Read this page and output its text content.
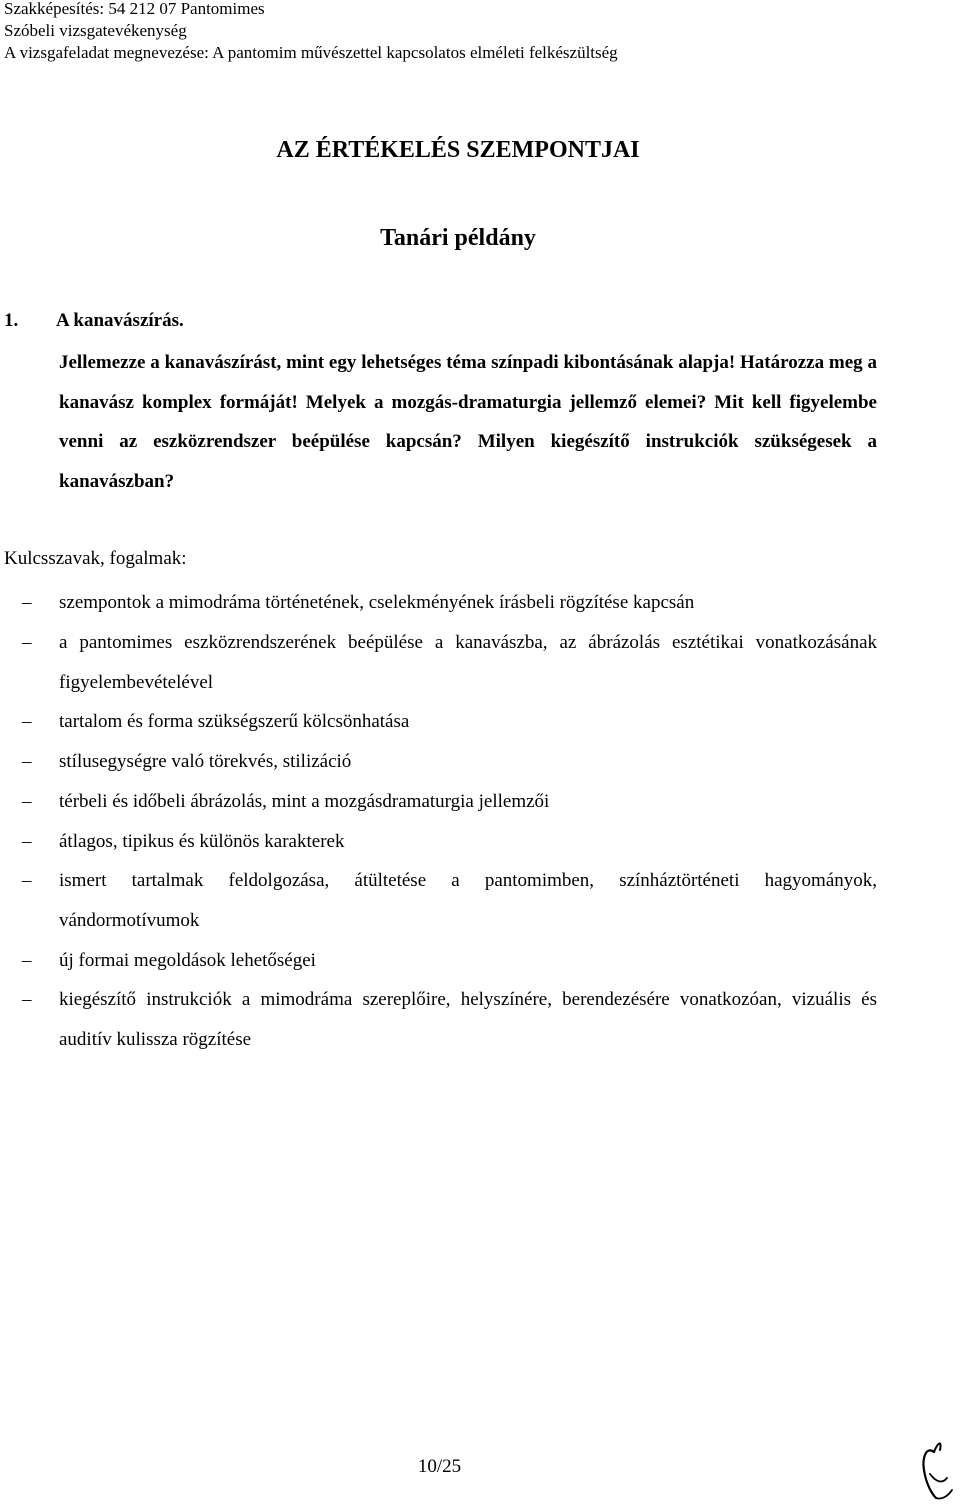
Szakképesítés: 54 212 07 Pantomimes
Szóbeli vizsgatevékenység
A vizsgafeladat megnevezése: A pantomim művészettel kapcsolatos elméleti felkészültség
AZ ÉRTÉKELÉS SZEMPONTJAI
Tanári példány
1. A kanavászírás.

Jellemezze a kanavászírást, mint egy lehetséges téma színpadi kibontásának alapja! Határozza meg a kanavász komplex formáját! Melyek a mozgás-dramaturgia jellemző elemei? Mit kell figyelembe venni az eszközrendszer beépülése kapcsán? Milyen kiegészítő instrukciók szükségesek a kanavászban?

Kulcsszavak, fogalmak:
–	szempontok a mimodráma történetének, cselekményének írásbeli rögzítése kapcsán
–	a pantomimes eszközrendszerének beépülése a kanavászba, az ábrázolás esztétikai vonatkozásának figyelembevételével
–	tartalom és forma szükségszerű kölcsönhatása
–	stílusegységre való törekvés, stilizáció
–	térbeli és időbeli ábrázolás, mint a mozgásdramaturgia jellemzői
–	átlagos, tipikus és különös karakterek
–	ismert tartalmak feldolgozása, átültetése a pantomimben, színháztörténeti hagyományok, vándormotívumok
–	új formai megoldások lehetőségei
–	kiegészítő instrukciók a mimodráma szereplőire, helyszínére, berendezésére vonatkozóan, vizuális és auditív kulissza rögzítése
10/25
